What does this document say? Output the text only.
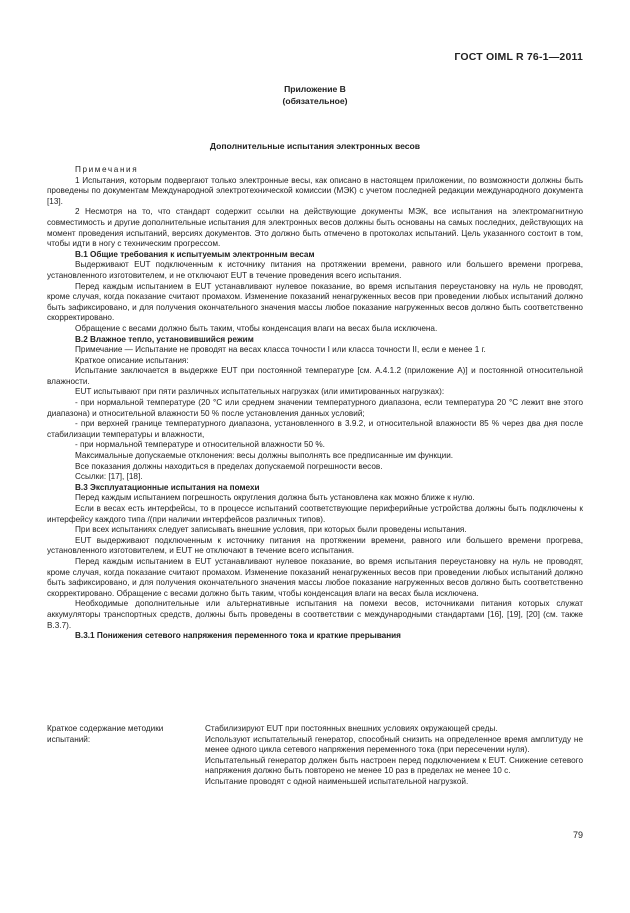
ГОСТ OIML R 76-1—2011
Приложение В
(обязательное)
Дополнительные испытания электронных весов

Примечания

1 Испытания, которым подвергают только электронные весы, как описано в настоящем приложении, по возможности должны быть проведены по документам Международной электротехнической комиссии (МЭК) с учетом последней редакции международного документа [13].

2 Несмотря на то, что стандарт содержит ссылки на действующие документы МЭК, все испытания на электромагнитную совместимость и другие дополнительные испытания для электронных весов должны быть основаны на самых последних, действующих на момент проведения испытаний, версиях документов. Это должно быть отмечено в протоколах испытаний. Цель указанного состоит в том, чтобы идти в ногу с техническим прогрессом.

В.1 Общие требования к испытуемым электронным весам

Выдерживают EUT подключенным к источнику питания на протяжении времени, равного или большего времени прогрева, установленного изготовителем, и не отключают EUT в течение проведения всего испытания.

Перед каждым испытанием в EUT устанавливают нулевое показание, во время испытания переустановку на нуль не проводят, кроме случая, когда показание считают промахом. Изменение показаний ненагруженных весов при проведении любых испытаний должно быть зафиксировано, и для получения окончательного значения массы любое показание нагруженных весов должно быть соответственно скорректировано.

Обращение с весами должно быть таким, чтобы конденсация влаги на весах была исключена.

В.2 Влажное тепло, установившийся режим

Примечание — Испытание не проводят на весах класса точности I или класса точности II, если e менее 1 г.

Краткое описание испытания:

Испытание заключается в выдержке EUT при постоянной температуре [см. А.4.1.2 (приложение А)] и постоянной относительной влажности.

EUT испытывают при пяти различных испытательных нагрузках (или имитированных нагрузках):

- при нормальной температуре (20 °С или среднем значении температурного диапазона, если температура 20 °С лежит вне этого диапазона) и относительной влажности 50 % после установления данных условий;

- при верхней границе температурного диапазона, установленного в 3.9.2, и относительной влажности 85 % через два дня после стабилизации температуры и влажности,

- при нормальной температуре и относительной влажности 50 %.

Максимальные допускаемые отклонения: весы должны выполнять все предписанные им функции.

Все показания должны находиться в пределах допускаемой погрешности весов.

Ссылки: [17], [18].

В.3 Эксплуатационные испытания на помехи

Перед каждым испытанием погрешность округления должна быть установлена как можно ближе к нулю.

Если в весах есть интерфейсы, то в процессе испытаний соответствующие периферийные устройства должны быть подключены к интерфейсу каждого типа /(при наличии интерфейсов различных типов).

При всех испытаниях следует записывать внешние условия, при которых были проведены испытания.

EUT выдерживают подключенным к источнику питания на протяжении времени, равного или большего времени прогрева, установленного изготовителем, и EUT не отключают в течение всего испытания.

Перед каждым испытанием в EUT устанавливают нулевое показание, во время испытания переустановку на нуль не проводят, кроме случая, когда показание считают промахом. Изменение показаний ненагруженных весов при проведении любых испытаний должно быть зафиксировано, и для получения окончательного значения массы любое показание нагруженных весов должно быть соответственно скорректировано. Обращение с весами должно быть таким, чтобы конденсация влаги на весах была исключена.

Необходимые дополнительные или альтернативные испытания на помехи весов, источниками питания которых служат аккумуляторы транспортных средств, должны быть проведены в соответствии с международными стандартами [16], [19], [20] (см. также В.3.7).

В.3.1 Понижения сетевого напряжения переменного тока и краткие прерывания

Краткое содержание методики испытаний:

Стабилизируют EUT при постоянных внешних условиях окружающей среды.

Используют испытательный генератор, способный снизить на определенное время амплитуду не менее одного цикла сетевого напряжения переменного тока (при пересечении нуля).

Испытательный генератор должен быть настроен перед подключением к EUT. Снижение сетевого напряжения должно быть повторено не менее 10 раз в пределах не менее 10 с.

Испытание проводят с одной наименьшей испытательной нагрузкой.

79
